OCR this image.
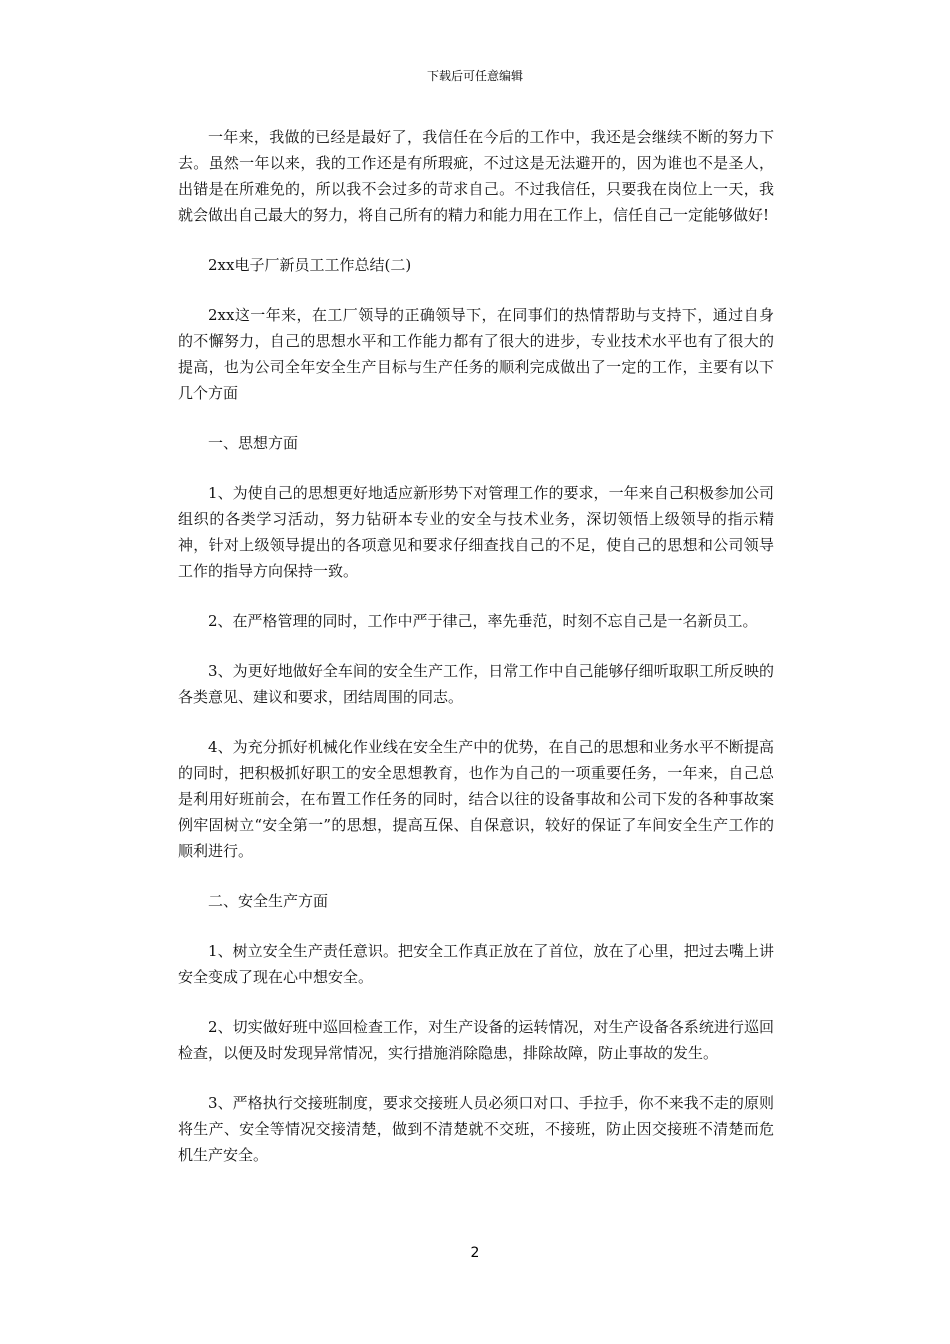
下载后可任意编辑

一年来，我做的已经是最好了，我信任在今后的工作中，我还是会继续不断的努力下去。虽然一年以来，我的工作还是有所瑕疵，不过这是无法避开的，因为谁也不是圣人，出错是在所难免的，所以我不会过多的苛求自己。不过我信任，只要我在岗位上一天，我就会做出自己最大的努力，将自己所有的精力和能力用在工作上，信任自己一定能够做好!

2xx电子厂新员工工作总结(二)

2xx这一年来，在工厂领导的正确领导下，在同事们的热情帮助与支持下，通过自身的不懈努力，自己的思想水平和工作能力都有了很大的进步，专业技术水平也有了很大的提高，也为公司全年安全生产目标与生产任务的顺利完成做出了一定的工作，主要有以下几个方面

一、思想方面

1、为使自己的思想更好地适应新形势下对管理工作的要求，一年来自己积极参加公司组织的各类学习活动，努力钻研本专业的安全与技术业务，深切领悟上级领导的指示精神，针对上级领导提出的各项意见和要求仔细查找自己的不足，使自己的思想和公司领导工作的指导方向保持一致。

2、在严格管理的同时，工作中严于律己，率先垂范，时刻不忘自己是一名新员工。

3、为更好地做好全车间的安全生产工作，日常工作中自己能够仔细听取职工所反映的各类意见、建议和要求，团结周围的同志。

4、为充分抓好机械化作业线在安全生产中的优势，在自己的思想和业务水平不断提高的同时，把积极抓好职工的安全思想教育，也作为自己的一项重要任务，一年来，自己总是利用好班前会，在布置工作任务的同时，结合以往的设备事故和公司下发的各种事故案例牢固树立“安全第一”的思想，提高互保、自保意识，较好的保证了车间安全生产工作的顺利进行。

二、安全生产方面

1、树立安全生产责任意识。把安全工作真正放在了首位，放在了心里，把过去嘴上讲安全变成了现在心中想安全。

2、切实做好班中巡回检查工作，对生产设备的运转情况，对生产设备各系统进行巡回检查，以便及时发现异常情况，实行措施消除隐患，排除故障，防止事故的发生。

3、严格执行交接班制度，要求交接班人员必须口对口、手拉手，你不来我不走的原则将生产、安全等情况交接清楚，做到不清楚就不交班，不接班，防止因交接班不清楚而危机生产安全。

2
